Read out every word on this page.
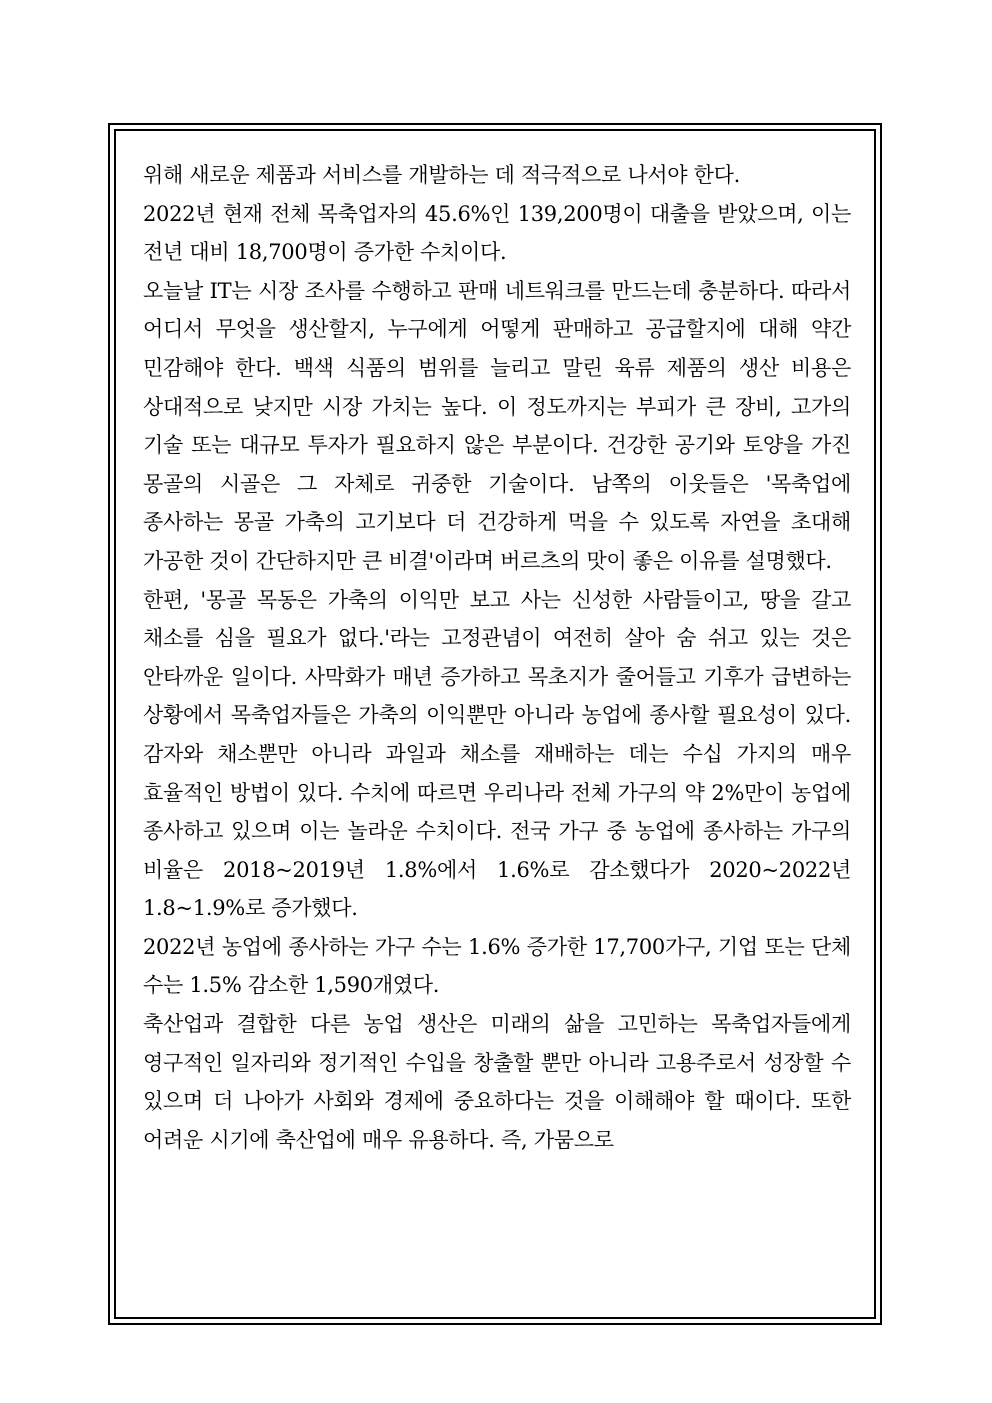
위해 새로운 제품과 서비스를 개발하는 데 적극적으로 나서야 한다.

2022년 현재 전체 목축업자의 45.6%인 139,200명이 대출을 받았으며, 이는 전년 대비 18,700명이 증가한 수치이다.

오늘날 IT는 시장 조사를 수행하고 판매 네트워크를 만드는데 충분하다. 따라서 어디서 무엇을 생산할지, 누구에게 어떻게 판매하고 공급할지에 대해 약간 민감해야 한다. 백색 식품의 범위를 늘리고 말린 육류 제품의 생산 비용은 상대적으로 낮지만 시장 가치는 높다. 이 정도까지는 부피가 큰 장비, 고가의 기술 또는 대규모 투자가 필요하지 않은 부분이다. 건강한 공기와 토양을 가진 몽골의 시골은 그 자체로 귀중한 기술이다. 남쪽의 이웃들은 '목축업에 종사하는 몽골 가축의 고기보다 더 건강하게 먹을 수 있도록 자연을 초대해 가공한 것이 간단하지만 큰 비결'이라며 버르츠의 맛이 좋은 이유를 설명했다.

한편, '몽골 목동은 가축의 이익만 보고 사는 신성한 사람들이고, 땅을 갈고 채소를 심을 필요가 없다.'라는 고정관념이 여전히 살아 숨 쉬고 있는 것은 안타까운 일이다. 사막화가 매년 증가하고 목초지가 줄어들고 기후가 급변하는 상황에서 목축업자들은 가축의 이익뿐만 아니라 농업에 종사할 필요성이 있다. 감자와 채소뿐만 아니라 과일과 채소를 재배하는 데는 수십 가지의 매우 효율적인 방법이 있다. 수치에 따르면 우리나라 전체 가구의 약 2%만이 농업에 종사하고 있으며 이는 놀라운 수치이다. 전국 가구 중 농업에 종사하는 가구의 비율은 2018~2019년 1.8%에서 1.6%로 감소했다가 2020~2022년 1.8~1.9%로 증가했다.

2022년 농업에 종사하는 가구 수는 1.6% 증가한 17,700가구, 기업 또는 단체 수는 1.5% 감소한 1,590개였다.

축산업과 결합한 다른 농업 생산은 미래의 삶을 고민하는 목축업자들에게 영구적인 일자리와 정기적인 수입을 창출할 뿐만 아니라 고용주로서 성장할 수 있으며 더 나아가 사회와 경제에 중요하다는 것을 이해해야 할 때이다. 또한 어려운 시기에 축산업에 매우 유용하다. 즉, 가뭄으로
